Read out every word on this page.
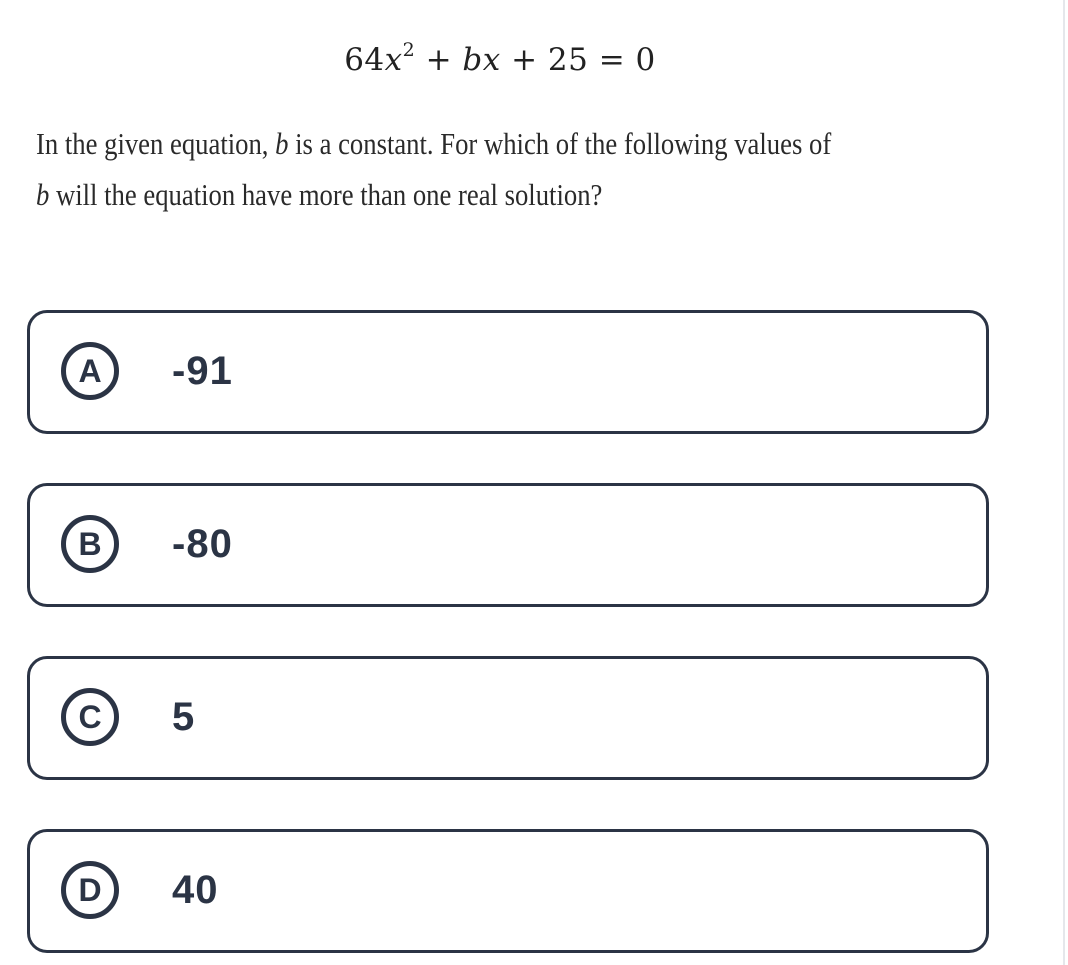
$64x^2$ + bx + 25 = 0
In the given equation, b is a constant. For which of the following values of
b will the equation have more than one real solution?
A	-91
B	-80
C	5
D	40
